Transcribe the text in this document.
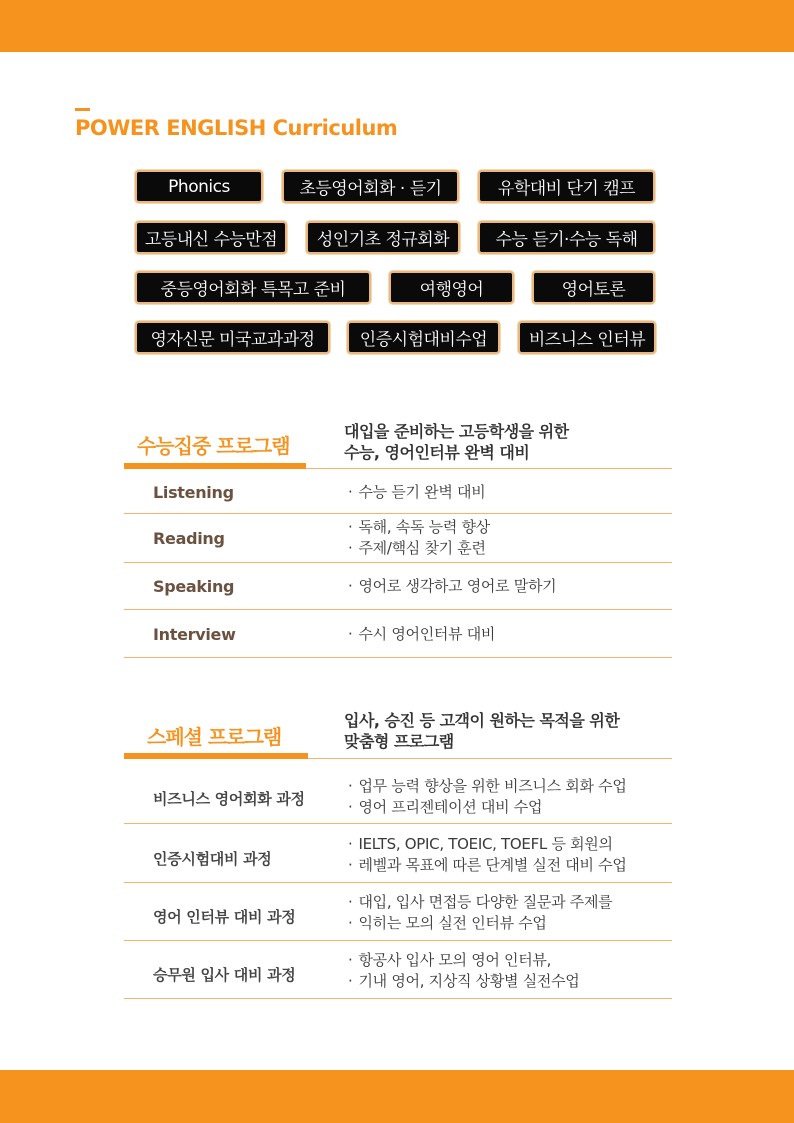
POWER ENGLISH Curriculum
Phonics	초등영어회화 · 듣기	유학대비 단기 캠프
고등내신 수능만점	성인기초 정규회화	수능 듣기·수능 독해
중등영어회화 특목고 준비	여행영어	영어토론
영자신문 미국교과과정	인증시험대비수업	비즈니스 인터뷰
수능집중 프로그램
대입을 준비하는 고등학생을 위한
수능, 영어인터뷰 완벽 대비
Listening	· 수능 듣기 완벽 대비
Reading
· 독해, 속독 능력 향상
· 주제/핵심 찾기 훈련
Speaking	· 영어로 생각하고 영어로 말하기
Interview	· 수시 영어인터뷰 대비
스페셜 프로그램
입사, 승진 등 고객이 원하는 목적을 위한
맞춤형 프로그램
비즈니스 영어회화 과정
· 업무 능력 향상을 위한 비즈니스 회화 수업
· 영어 프리젠테이션 대비 수업
인증시험대비 과정
· IELTS, OPIC, TOEIC, TOEFL 등 회원의
· 레벨과 목표에 따른 단계별 실전 대비 수업
영어 인터뷰 대비 과정
· 대입, 입사 면접등 다양한 질문과 주제를
· 익히는 모의 실전 인터뷰 수업
승무원 입사 대비 과정
· 항공사 입사 모의 영어 인터뷰,
· 기내 영어, 지상직 상황별 실전수업
